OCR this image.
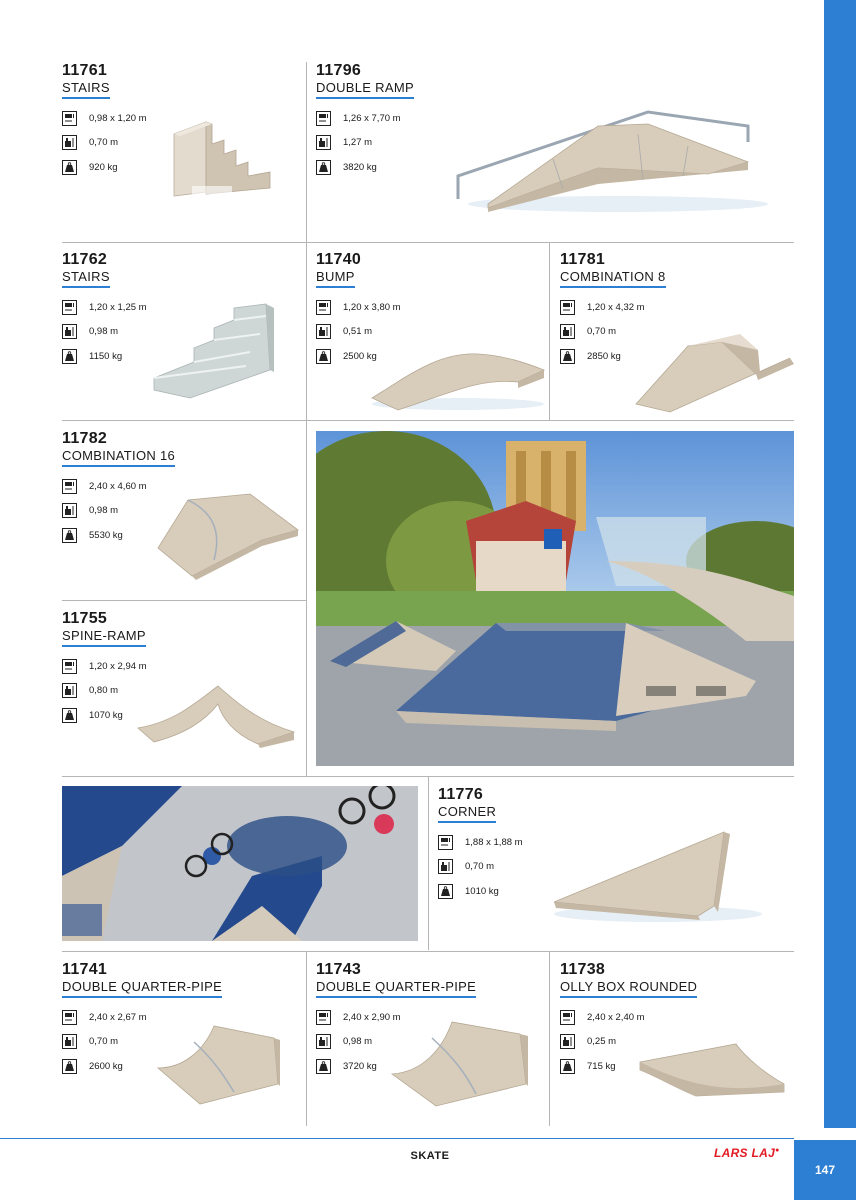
11761
STAIRS
0,98 x 1,20 m
0,70 m
920 kg
11796
DOUBLE RAMP
1,26 x 7,70 m
1,27 m
3820 kg
11762
STAIRS
1,20 x 1,25 m
0,98 m
1150 kg
11740
BUMP
1,20 x 3,80 m
0,51 m
2500 kg
11781
COMBINATION 8
1,20 x 4,32 m
0,70 m
2850 kg
11782
COMBINATION 16
2,40 x 4,60 m
0,98 m
5530 kg
11755
SPINE-RAMP
1,20 x 2,94 m
0,80 m
1070 kg
11776
CORNER
1,88 x 1,88 m
0,70 m
1010 kg
11741
DOUBLE QUARTER-PIPE
2,40 x 2,67 m
0,70 m
2600 kg
11743
DOUBLE QUARTER-PIPE
2,40 x 2,90 m
0,98 m
3720 kg
11738
OLLY BOX ROUNDED
2,40 x 2,40 m
0,25 m
715 kg
SKATE	LARS LAJ●
147
